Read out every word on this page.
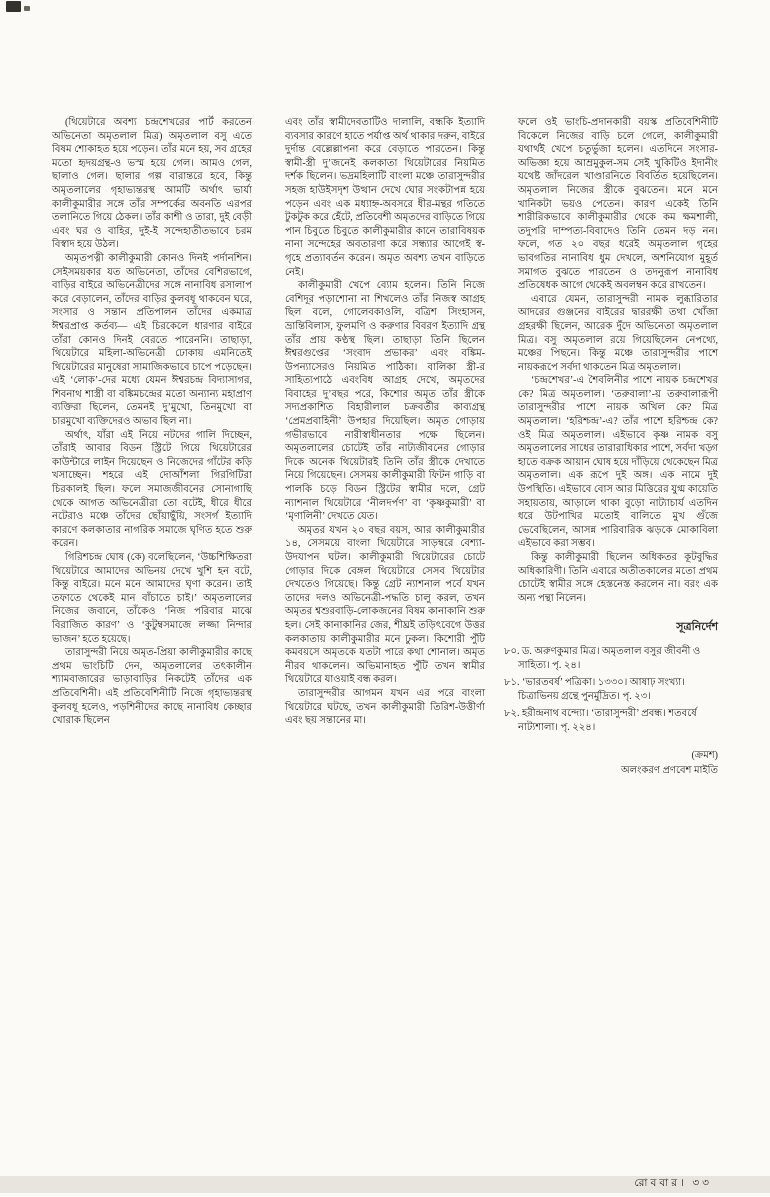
(থিয়েটারে অবশ্য চন্দ্রশেখরের পার্ট করতেন অভিনেতা অমৃতলাল মিত্র) অমৃতলাল বসু এতে বিষম শোকাহত হয়ে পড়েন। তাঁর মনে হয়, সব গ্রহের মতো হৃদয়গ্রন্থ-ও ভস্ম হয়ে গেল। আমও গেল, ছালাও গেল। ছালার গল্প বারান্তরে হবে, কিন্তু অমৃতলালের গৃহাভ্যন্তরস্থ আমটি অর্থাৎ ভার্যা কালীকুমারীর সঙ্গে তাঁর সম্পর্কের অবনতি এরপর তলানিতে গিয়ে ঠেকল। তাঁর কাশী ও তারা, দুই বেড়ী এবং ঘর ও বাহির, দুই-ই সন্দেহাতীতভাবে চরম বিস্বাদ হয়ে উঠল।

অমৃতপত্নী কালীকুমারী কোনও দিনই পর্দানশিন। সেইসময়কার যত অভিনেতা, তাঁদের বেশিরভাগে, বাড়ির বাইরে অভিনেত্রীদের সঙ্গে নানাবিধ রসালাপ করে বেড়ালেন, তাঁদের বাড়ির কুলবধূ থাকবেন ঘরে, সংসার ও সন্তান প্রতিপালন তাঁদের একমাত্র ঈশ্বরপ্রাপ্ত কর্তব্য— এই চিরকেলে ধারণার বাইরে তাঁরা কোনও দিনই বেরতে পারেননি। তাছাড়া, থিয়েটারে মহিলা-অভিনেত্রী ঢোকায় এমনিতেই থিয়েটারের মানুষেরা সামাজিকভাবে চাপে পড়েছেন। এই ‘লোক’-দের মধ্যে যেমন ঈশ্বরচন্দ্র বিদ্যাসাগর, শিবনাথ শাস্ত্রী বা বঙ্কিমচন্দ্রের মতো অন্যান্য মহাপ্রাণ ব্যক্তিরা ছিলেন, তেমনই দু’মুখো, তিনমুখো বা চারমুখো ব্যক্তিদেরও অভাব ছিল না।

অর্থাৎ, যাঁরা এই নিয়ে নটদের গালি দিচ্ছেন, তাঁরাই আবার বিডন স্ট্রিটে গিয়ে থিয়েটারের কাউন্টারে লাইন দিয়েছেন ও নিজেদের গাঁটের কড়ি খসাচ্ছেন। শহরে এই দোআঁশলা গিরগিটিরা চিরকালই ছিল। ফলে সমাজজীবনের সোনাগাছি থেকে আগত অভিনেত্রীরা তো বটেই, ধীরে ধীরে নটেরাও মঞ্চে তাঁদের ছোঁয়াছুঁয়ি, সংসর্গ ইত্যাদি কারণে কলকাতার নাগরিক সমাজে ঘৃণিত হতে শুরু করেন।

গিরিশচন্দ্র ঘোষ (কে) বলেছিলেন, ‘উচ্চশিক্ষিতরা থিয়েটারে আমাদের অভিনয় দেখে খুশি হন বটে, কিন্তু বাইরে। মনে মনে আমাদের ঘৃণা করেন। তাই তফাতে থেকেই মান বাঁচাতে চাই।’ অমৃতলালের নিজের জবানে, তাঁকেও ‘নিজ পরিবার মাঝে বিরাজিত কারণ’ ও ‘কুটুম্বসমাজে লজ্জা নিন্দার ভাজন’ হতে হয়েছে।

তারাসুন্দরী নিয়ে অমৃত-প্রিয়া কালীকুমারীর কাছে প্রথম ভাংচিটি দেন, অমৃতলালের তৎকালীন শ্যামবাজারের ভাড়াবাড়ির নিকটেই তাঁদের এক প্রতিবেশিনী। এই প্রতিবেশিনীটি নিজে গৃহাভ্যন্তরস্থ কুলবধূ হলেও, পড়শিনীদের কাছে নানাবিধ কেচ্ছার খোরাক ছিলেন

এবং তাঁর স্বামীদেবতাটিও দালালি, বন্ধকি ইত্যাদি ব্যবসার কারণে হাতে পর্যাপ্ত অর্থ থাকার দরুন, বাইরে দুর্দান্ত বেল্লেল্লাপনা করে বেড়াতে পারতেন। কিন্তু স্বামী-স্ত্রী দু’জনেই কলকাতা থিয়েটারের নিয়মিত দর্শক ছিলেন। ভদ্রমহিলাটি বাংলা মঞ্চে তারাসুন্দরীর সহজ হাউইসদৃশ উত্থান দেখে ঘোর সংকটাপন্ন হয়ে পড়েন এবং এক মধ্যাহ্ন-অবসরে ধীর-মন্থর গতিতে টুকটুক করে হেঁটে, প্রতিবেশী অমৃতদের বাড়িতে গিয়ে পান চিবুতে চিবুতে কালীকুমারীর কানে তারাবিষয়ক নানা সন্দেহের অবতারণা করে সন্ধ্যার আগেই স্ব-গৃহে প্রত্যাবর্তন করেন। অমৃত অবশ্য তখন বাড়িতে নেই।

কালীকুমারী খেপে ব্যোম হলেন। তিনি নিজে বেশিদূর পড়াশোনা না শিখলেও তাঁর নিজস্ব আগ্রহ ছিল বলে, গোলেবকাওলি, বত্রিশ সিংহাসন, ভ্রান্তিবিলাস, ফুলমণি ও করুণার বিবরণ ইত্যাদি গ্রন্থ তাঁর প্রায় কণ্ঠস্থ ছিল। তাছাড়া তিনি ছিলেন ঈশ্বরগুপ্তের ‘সংবাদ প্রভাকর’ এবং বঙ্কিম-উপন্যাসেরও নিয়মিত পাঠিকা। বালিকা স্ত্রী-র সাহিত্যপাঠে এবংবিধ আগ্রহ দেখে, অমৃতদের বিবাহের দু’বছর পরে, কিশোর অমৃত তাঁর স্ত্রীকে সদ্যপ্রকাশিত বিহারীলাল চক্রবর্তীর কাব্যগ্রন্থ ‘প্রেমপ্রবাহিনী’ উপহার দিয়েছিল। অমৃত গোড়ায় গভীরভাবে নারীস্বাধীনতার পক্ষে ছিলেন। অমৃতলালের চোটেই তাঁর নাট্যজীবনের গোড়ার দিকে অনেক থিয়েটারই তিনি তাঁর স্ত্রীকে দেখাতে নিয়ে গিয়েছেন। সেসময় কালীকুমারী ফিটন গাড়ি বা পালকি চড়ে বিডন স্ট্রিটের স্বামীর দলে, গ্রেট ন্যাশনাল থিয়েটারে ‘নীলদর্পণ’ বা ‘কৃষ্ণকুমারী’ বা ‘মৃণালিনী’ দেখতে যেত।

অমৃতর যখন ২০ বছর বয়স, আর কালীকুমারীর ১৪, সেসময়ে বাংলা থিয়েটারে সাড়ম্বরে বেশ্যা-উদযাপন ঘটল। কালীকুমারী থিয়েটারের চোটে গোড়ার দিকে বেঙ্গল থিয়েটারে সেসব থিয়েটার দেখতেও গিয়েছে। কিন্তু গ্রেট ন্যাশনাল পর্বে যখন তাদের দলও অভিনেত্রী-পদ্ধতি চালু করল, তখন অমৃতর শ্বশুরবাড়ি-লোকজনের বিষম কানাকানি শুরু হল। সেই কানাকানির জের, শীঘ্রই তড়িৎবেগে উত্তর কলকাতায় কালীকুমারীর মনে ঢুকল। কিশোরী পুঁটি কমবয়সে অমৃতকে যতটা পারে কথা শোনাল। অমৃত নীরব থাকলেন। অভিমানাহত পুঁটি তখন স্বামীর থিয়েটারে যাওয়াই বন্ধ করল।

তারাসুন্দরীর আগমন যখন এর পরে বাংলা থিয়েটারে ঘটছে, তখন কালীকুমারী তিরিশ-উত্তীর্ণা এবং ছয় সন্তানের মা।

ফলে ওই ভাংচি-প্রদানকারী বয়স্ক প্রতিবেশিনীটি বিকেলে নিজের বাড়ি চলে গেলে, কালীকুমারী যথার্থই খেপে চতুর্ভুজা হলেন। এতদিনে সংসার-অভিজ্ঞা হয়ে আম্রমুকুল-সম সেই খুকিটিও ইদানীং যথেষ্ট জাঁদরেল খাণ্ডারনিতে বিবর্তিত হয়েছিলেন। অমৃতলাল নিজের স্ত্রীকে বুঝতেন। মনে মনে খানিকটা ভয়ও পেতেন। কারণ একেই তিনি শারীরিকভাবে কালীকুমারীর থেকে কম ক্ষমশালী, তদুপরি দাম্পত্য-বিবাদেও তিনি তেমন দড় নন। ফলে, গত ২০ বছর ধরেই অমৃতলাল গৃহের ভাবগতির নানাবিধ ধুম দেখলে, অশনিযোগ মুহূর্ত সমাগত বুঝতে পারতেন ও তদনুরূপ নানাবিধ প্রতিষেধক আগে থেকেই অবলম্বন করে রাখতেন।

এবারে যেমন, তারাসুন্দরী নামক লুব্ধারিতার আদরের গুঞ্জনের বাইরের দ্বাররক্ষী তথা খোঁজা গ্রহরক্ষী ছিলেন, আরেক দুঁদে অভিনেতা অমৃতলাল মিত্র। বসু অমৃতলাল রয়ে গিয়েছিলেন নেপথ্যে, মঞ্চের পিছনে। কিন্তু মঞ্চে তারাসুন্দরীর পাশে নায়করূপে সর্বদা থাকতেন মিত্র অমৃতলাল।

‘চন্দ্রশেখর’-এ শৈবলিনীর পাশে নায়ক চন্দ্রশেখর কে? মিত্র অমৃতলাল। ‘তরুবালা’-য় তরুবালারূপী তারাসুন্দরীর পাশে নায়ক অখিল কে? মিত্র অমৃতলাল। ‘হরিশ্চন্দ্র’-এ? তাঁর পাশে হরিশ্চন্দ্র কে? ওই মিত্র অমৃতলাল। এইভাবে কৃষ্ণ নামক বসু অমৃতলালের সাধের তারারাধিকার পাশে, সর্বদা খড়্গ হাতে বক্রক আয়ান ঘোষ হয়ে দাঁড়িয়ে থেকেছেন মিত্র অমৃতলাল। এক রূপে দুই অঙ্গ। এক নামে দুই উপস্থিতি। এইভাবে বোস আর মিত্তিরের যুগ্ম কায়েতি সহায়তায়, আড়ালে থাকা বুড়ো নাট্যাচার্য এতদিন ধরে উটপাখির মতোই বালিতে মুখ গুঁজে ভেবেছিলেন, আসন্ন পারিবারিক ঝড়কে মোকাবিলা এইভাবে করা সম্ভব।

কিন্তু কালীকুমারী ছিলেন অধিকতর কূটবুদ্ধির অধিকারিণী। তিনি এবারে অতীতকালের মতো প্রথম চোটেই স্বামীর সঙ্গে হেস্তনেস্ত করলেন না। বরং এক অন্য পন্থা নিলেন।

সূত্রনির্দেশ

৮০. ড. অরুণকুমার মিত্র। অমৃতলাল বসুর জীবনী ও সাহিত্য। পৃ. ২৪।

৮১. ‘ভারতবর্ষ’ পত্রিকা। ১৩৩০। আষাঢ় সংখ্যা। চিত্রাভিনয় গ্রন্থে পুনর্মুদ্রিত। পৃ. ২৩।

৮২. হরীন্দ্রনাথ বন্দ্যো। ‘তারাসুন্দরী’ প্রবন্ধ। শতবর্ষে নাট্যশালা। পৃ. ২২৪।

(ক্রমশ)

অলংকরণ প্রণবেশ মাইতি

রোববার। ৩৩
